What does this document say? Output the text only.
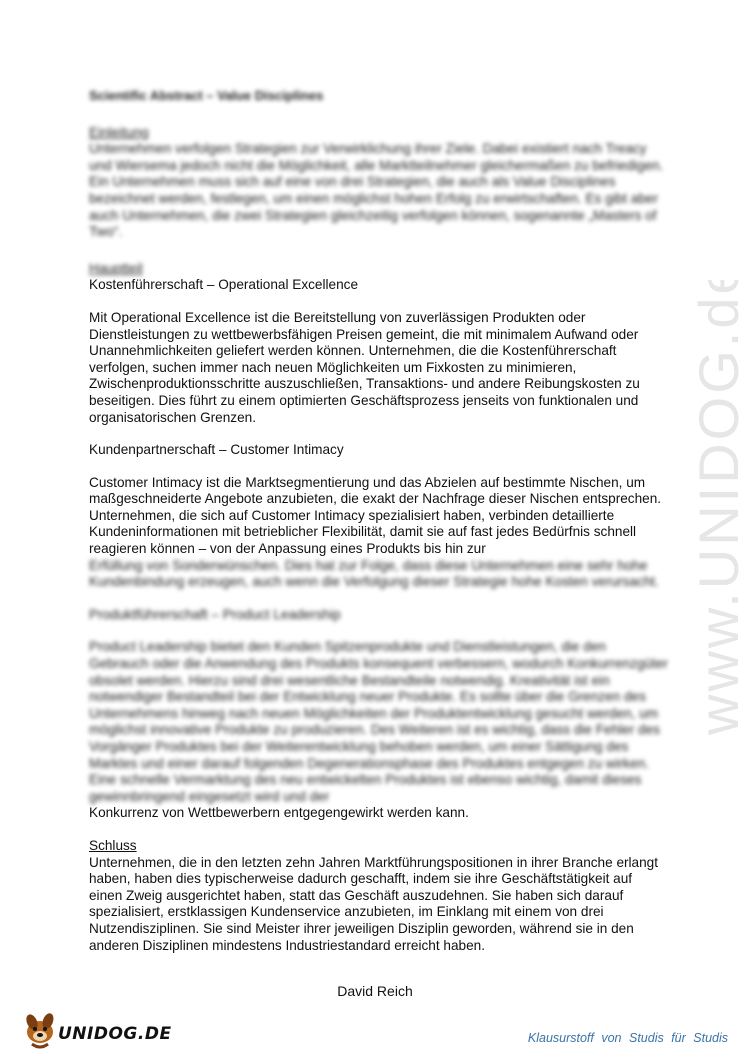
www.UNIDOG.de
Scientific Abstract – Value Disciplines
Einleitung
Unternehmen verfolgen Strategien zur Verwirklichung ihrer Ziele. Dabei existiert nach Treacy und Wiersema jedoch nicht die Möglichkeit, alle Marktteilnehmer gleichermaßen zu befriedigen. Ein Unternehmen muss sich auf eine von drei Strategien, die auch als Value Disciplines bezeichnet werden, festlegen, um einen möglichst hohen Erfolg zu erwirtschaften. Es gibt aber auch Unternehmen, die zwei Strategien gleichzeitig verfolgen können, sogenannte „Masters of Two“.
Hauptteil
Kostenführerschaft – Operational Excellence
Mit Operational Excellence ist die Bereitstellung von zuverlässigen Produkten oder Dienstleistungen zu wettbewerbsfähigen Preisen gemeint, die mit minimalem Aufwand oder Unannehmlichkeiten geliefert werden können. Unternehmen, die die Kostenführerschaft verfolgen, suchen immer nach neuen Möglichkeiten um Fixkosten zu minimieren, Zwischenproduktionsschritte auszuschließen, Transaktions- und andere Reibungskosten zu beseitigen. Dies führt zu einem optimierten Geschäftsprozess jenseits von funktionalen und organisatorischen Grenzen.
Kundenpartnerschaft – Customer Intimacy
Customer Intimacy ist die Marktsegmentierung und das Abzielen auf bestimmte Nischen, um maßgeschneiderte Angebote anzubieten, die exakt der Nachfrage dieser Nischen entsprechen. Unternehmen, die sich auf Customer Intimacy spezialisiert haben, verbinden detaillierte Kundeninformationen mit betrieblicher Flexibilität, damit sie auf fast jedes Bedürfnis schnell reagieren können – von der Anpassung eines Produkts bis hin zur
Erfüllung von Sonderwünschen. Dies hat zur Folge, dass diese Unternehmen eine sehr hohe Kundenbindung erzeugen, auch wenn die Verfolgung dieser Strategie hohe Kosten verursacht.
Produktführerschaft – Product Leadership
Product Leadership bietet den Kunden Spitzenprodukte und Dienstleistungen, die den Gebrauch oder die Anwendung des Produkts konsequent verbessern, wodurch Konkurrenzgüter obsolet werden. Hierzu sind drei wesentliche Bestandteile notwendig. Kreativität ist ein notwendiger Bestandteil bei der Entwicklung neuer Produkte. Es sollte über die Grenzen des Unternehmens hinweg nach neuen Möglichkeiten der Produktentwicklung gesucht werden, um möglichst innovative Produkte zu produzieren. Des Weiteren ist es wichtig, dass die Fehler des Vorgänger Produktes bei der Weiterentwicklung behoben werden, um einer Sättigung des Marktes und einer darauf folgenden Degenerationsphase des Produktes entgegen zu wirken. Eine schnelle Vermarktung des neu entwickelten Produktes ist ebenso wichtig, damit dieses gewinnbringend eingesetzt wird und der
Konkurrenz von Wettbewerbern entgegengewirkt werden kann.
Schluss
Unternehmen, die in den letzten zehn Jahren Marktführungspositionen in ihrer Branche erlangt haben, haben dies typischerweise dadurch geschafft, indem sie ihre Geschäftstätigkeit auf einen Zweig ausgerichtet haben, statt das Geschäft auszudehnen. Sie haben sich darauf spezialisiert, erstklassigen Kundenservice anzubieten, im Einklang mit einem von drei Nutzendisziplinen. Sie sind Meister ihrer jeweiligen Disziplin geworden, während sie in den anderen Disziplinen mindestens Industriestandard erreicht haben.
David Reich
UNIDOG.DE	Klausurstoff von Studis für Studis
